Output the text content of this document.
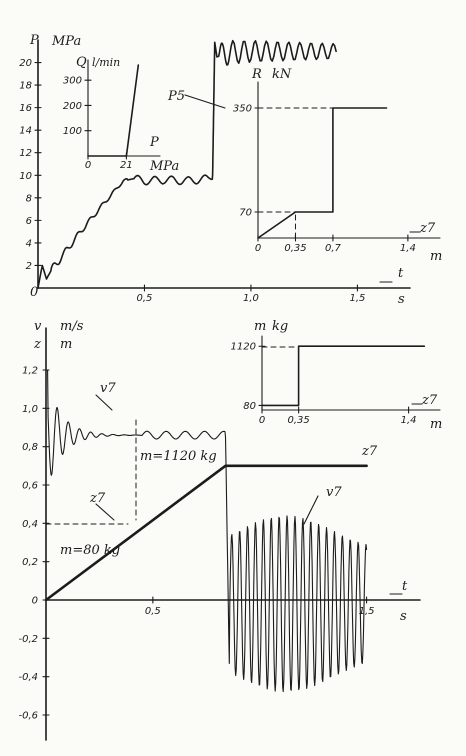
2
4
6
8
10
12
14
16
18
20
0,5	1,0	1,5
P MPa
0
t
s
P5
100
200
300
0	21
Q l/min
P
MPa
70
350
0 0,35 0,7	1,4
R kN
z7
m
1,2
1,0
0,8
0,6
0,4
0,2
0
-0,2
-0,4
-0,6
0,5	1,5
v m/s
z m
t
s
v7
z7
z7
v7
m=1120 kg
m=80 kg
80
1120
0 0,35	1,4
m kg
z7
m
